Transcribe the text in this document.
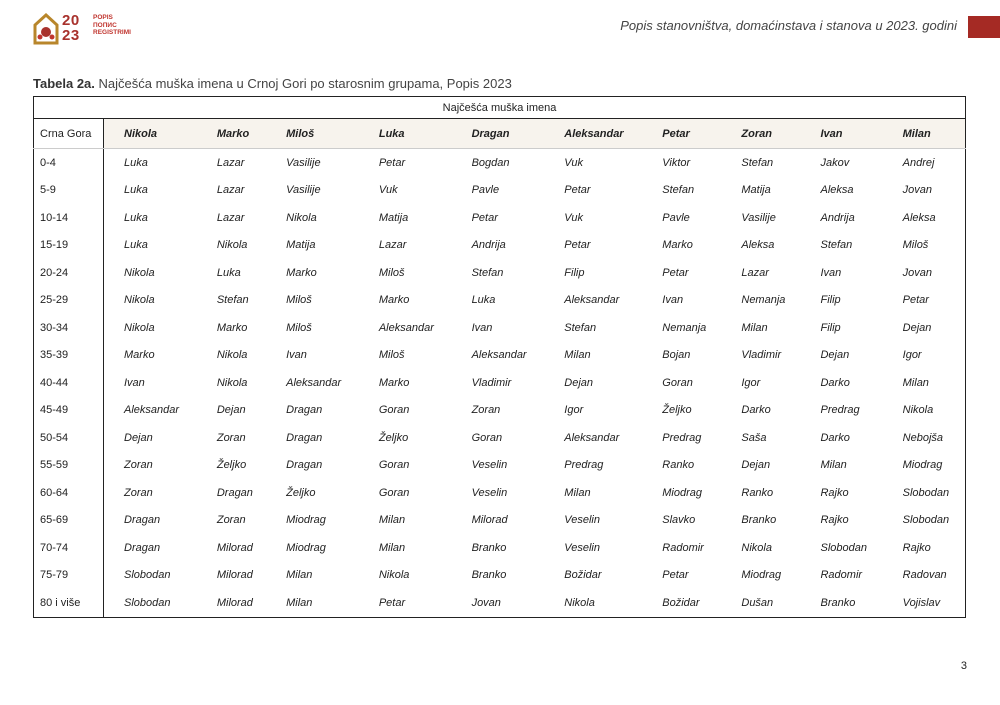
20
23
POPIS
ПОПИС
REGISTRIMI	Popis stanovništva, domaćinstava i stanova u 2023. godini
Tabela 2a. Najčešća muška imena u Crnoj Gori po starosnim grupama, Popis 2023
Najčešća muška imena										
Crna Gora	Nikola	Marko	Miloš	Luka	Dragan	Aleksandar	Petar	Zoran	Ivan	Milan
0-4	Luka	Lazar	Vasilije	Petar	Bogdan	Vuk	Viktor	Stefan	Jakov	Andrej
5-9	Luka	Lazar	Vasilije	Vuk	Pavle	Petar	Stefan	Matija	Aleksa	Jovan
10-14	Luka	Lazar	Nikola	Matija	Petar	Vuk	Pavle	Vasilije	Andrija	Aleksa
15-19	Luka	Nikola	Matija	Lazar	Andrija	Petar	Marko	Aleksa	Stefan	Miloš
20-24	Nikola	Luka	Marko	Miloš	Stefan	Filip	Petar	Lazar	Ivan	Jovan
25-29	Nikola	Stefan	Miloš	Marko	Luka	Aleksandar	Ivan	Nemanja	Filip	Petar
30-34	Nikola	Marko	Miloš	Aleksandar	Ivan	Stefan	Nemanja	Milan	Filip	Dejan
35-39	Marko	Nikola	Ivan	Miloš	Aleksandar	Milan	Bojan	Vladimir	Dejan	Igor
40-44	Ivan	Nikola	Aleksandar	Marko	Vladimir	Dejan	Goran	Igor	Darko	Milan
45-49	Aleksandar	Dejan	Dragan	Goran	Zoran	Igor	Željko	Darko	Predrag	Nikola
50-54	Dejan	Zoran	Dragan	Željko	Goran	Aleksandar	Predrag	Saša	Darko	Nebojša
55-59	Zoran	Željko	Dragan	Goran	Veselin	Predrag	Ranko	Dejan	Milan	Miodrag
60-64	Zoran	Dragan	Željko	Goran	Veselin	Milan	Miodrag	Ranko	Rajko	Slobodan
65-69	Dragan	Zoran	Miodrag	Milan	Milorad	Veselin	Slavko	Branko	Rajko	Slobodan
70-74	Dragan	Milorad	Miodrag	Milan	Branko	Veselin	Radomir	Nikola	Slobodan	Rajko
75-79	Slobodan	Milorad	Milan	Nikola	Branko	Božidar	Petar	Miodrag	Radomir	Radovan
80 i više	Slobodan	Milorad	Milan	Petar	Jovan	Nikola	Božidar	Dušan	Branko	Vojislav
3
